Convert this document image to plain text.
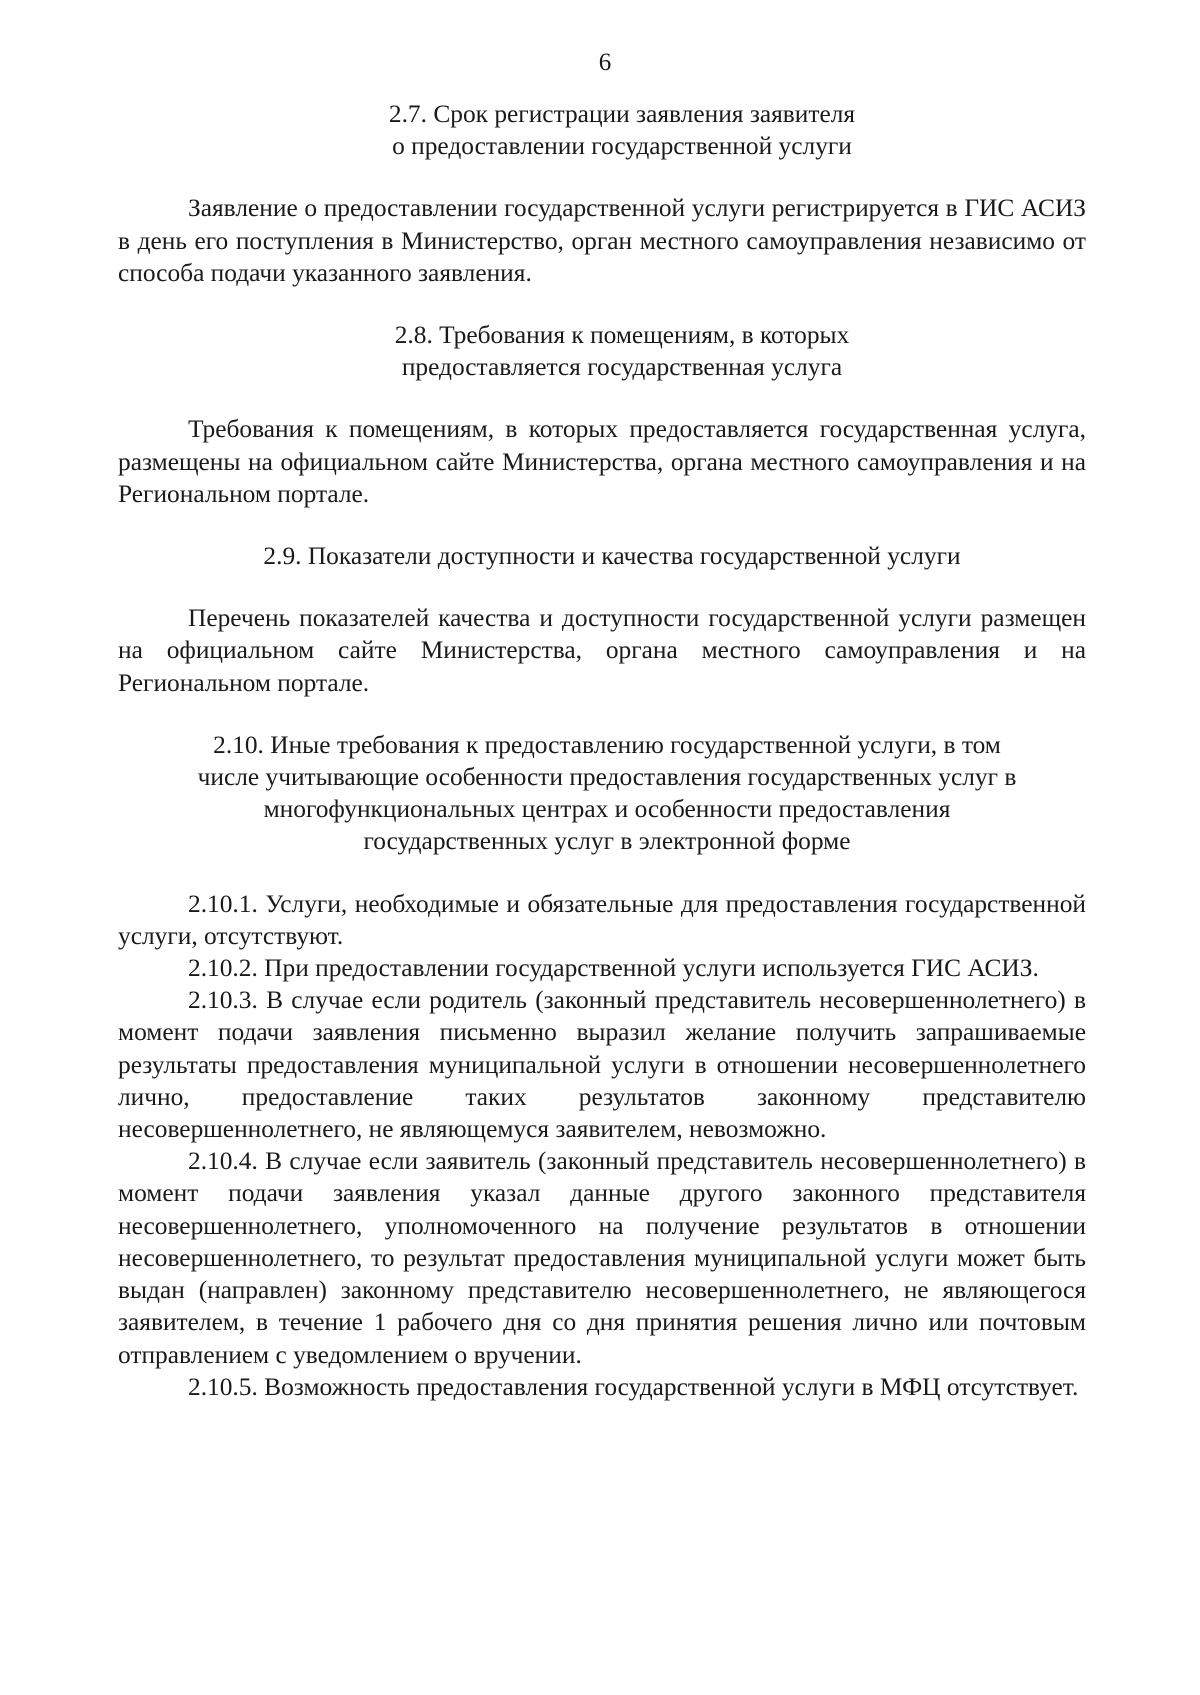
6
2.7. Срок регистрации заявления заявителя
о предоставлении государственной услуги

Заявление о предоставлении государственной услуги регистрируется в ГИС АСИЗ в день его поступления в Министерство, орган местного самоуправления независимо от способа подачи указанного заявления.

2.8. Требования к помещениям, в которых
предоставляется государственная услуга

Требования к помещениям, в которых предоставляется государственная услуга, размещены на официальном сайте Министерства, органа местного самоуправления и на Региональном портале.

2.9. Показатели доступности и качества государственной услуги

Перечень показателей качества и доступности государственной услуги размещен на официальном сайте Министерства, органа местного самоуправления и на Региональном портале.

2.10. Иные требования к предоставлению государственной услуги, в том
числе учитывающие особенности предоставления государственных услуг в
многофункциональных центрах и особенности предоставления
государственных услуг в электронной форме

2.10.1. Услуги, необходимые и обязательные для предоставления государственной услуги, отсутствуют.

2.10.2. При предоставлении государственной услуги используется ГИС АСИЗ.

2.10.3. В случае если родитель (законный представитель несовершеннолетнего) в момент подачи заявления письменно выразил желание получить запрашиваемые результаты предоставления муниципальной услуги в отношении несовершеннолетнего лично, предоставление таких результатов законному представителю несовершеннолетнего, не являющемуся заявителем, невозможно.

2.10.4. В случае если заявитель (законный представитель несовершеннолетнего) в момент подачи заявления указал данные другого законного представителя несовершеннолетнего, уполномоченного на получение результатов в отношении несовершеннолетнего, то результат предоставления муниципальной услуги может быть выдан (направлен) законному представителю несовершеннолетнего, не являющегося заявителем, в течение 1 рабочего дня со дня принятия решения лично или почтовым отправлением с уведомлением о вручении.

2.10.5. Возможность предоставления государственной услуги в МФЦ отсутствует.
